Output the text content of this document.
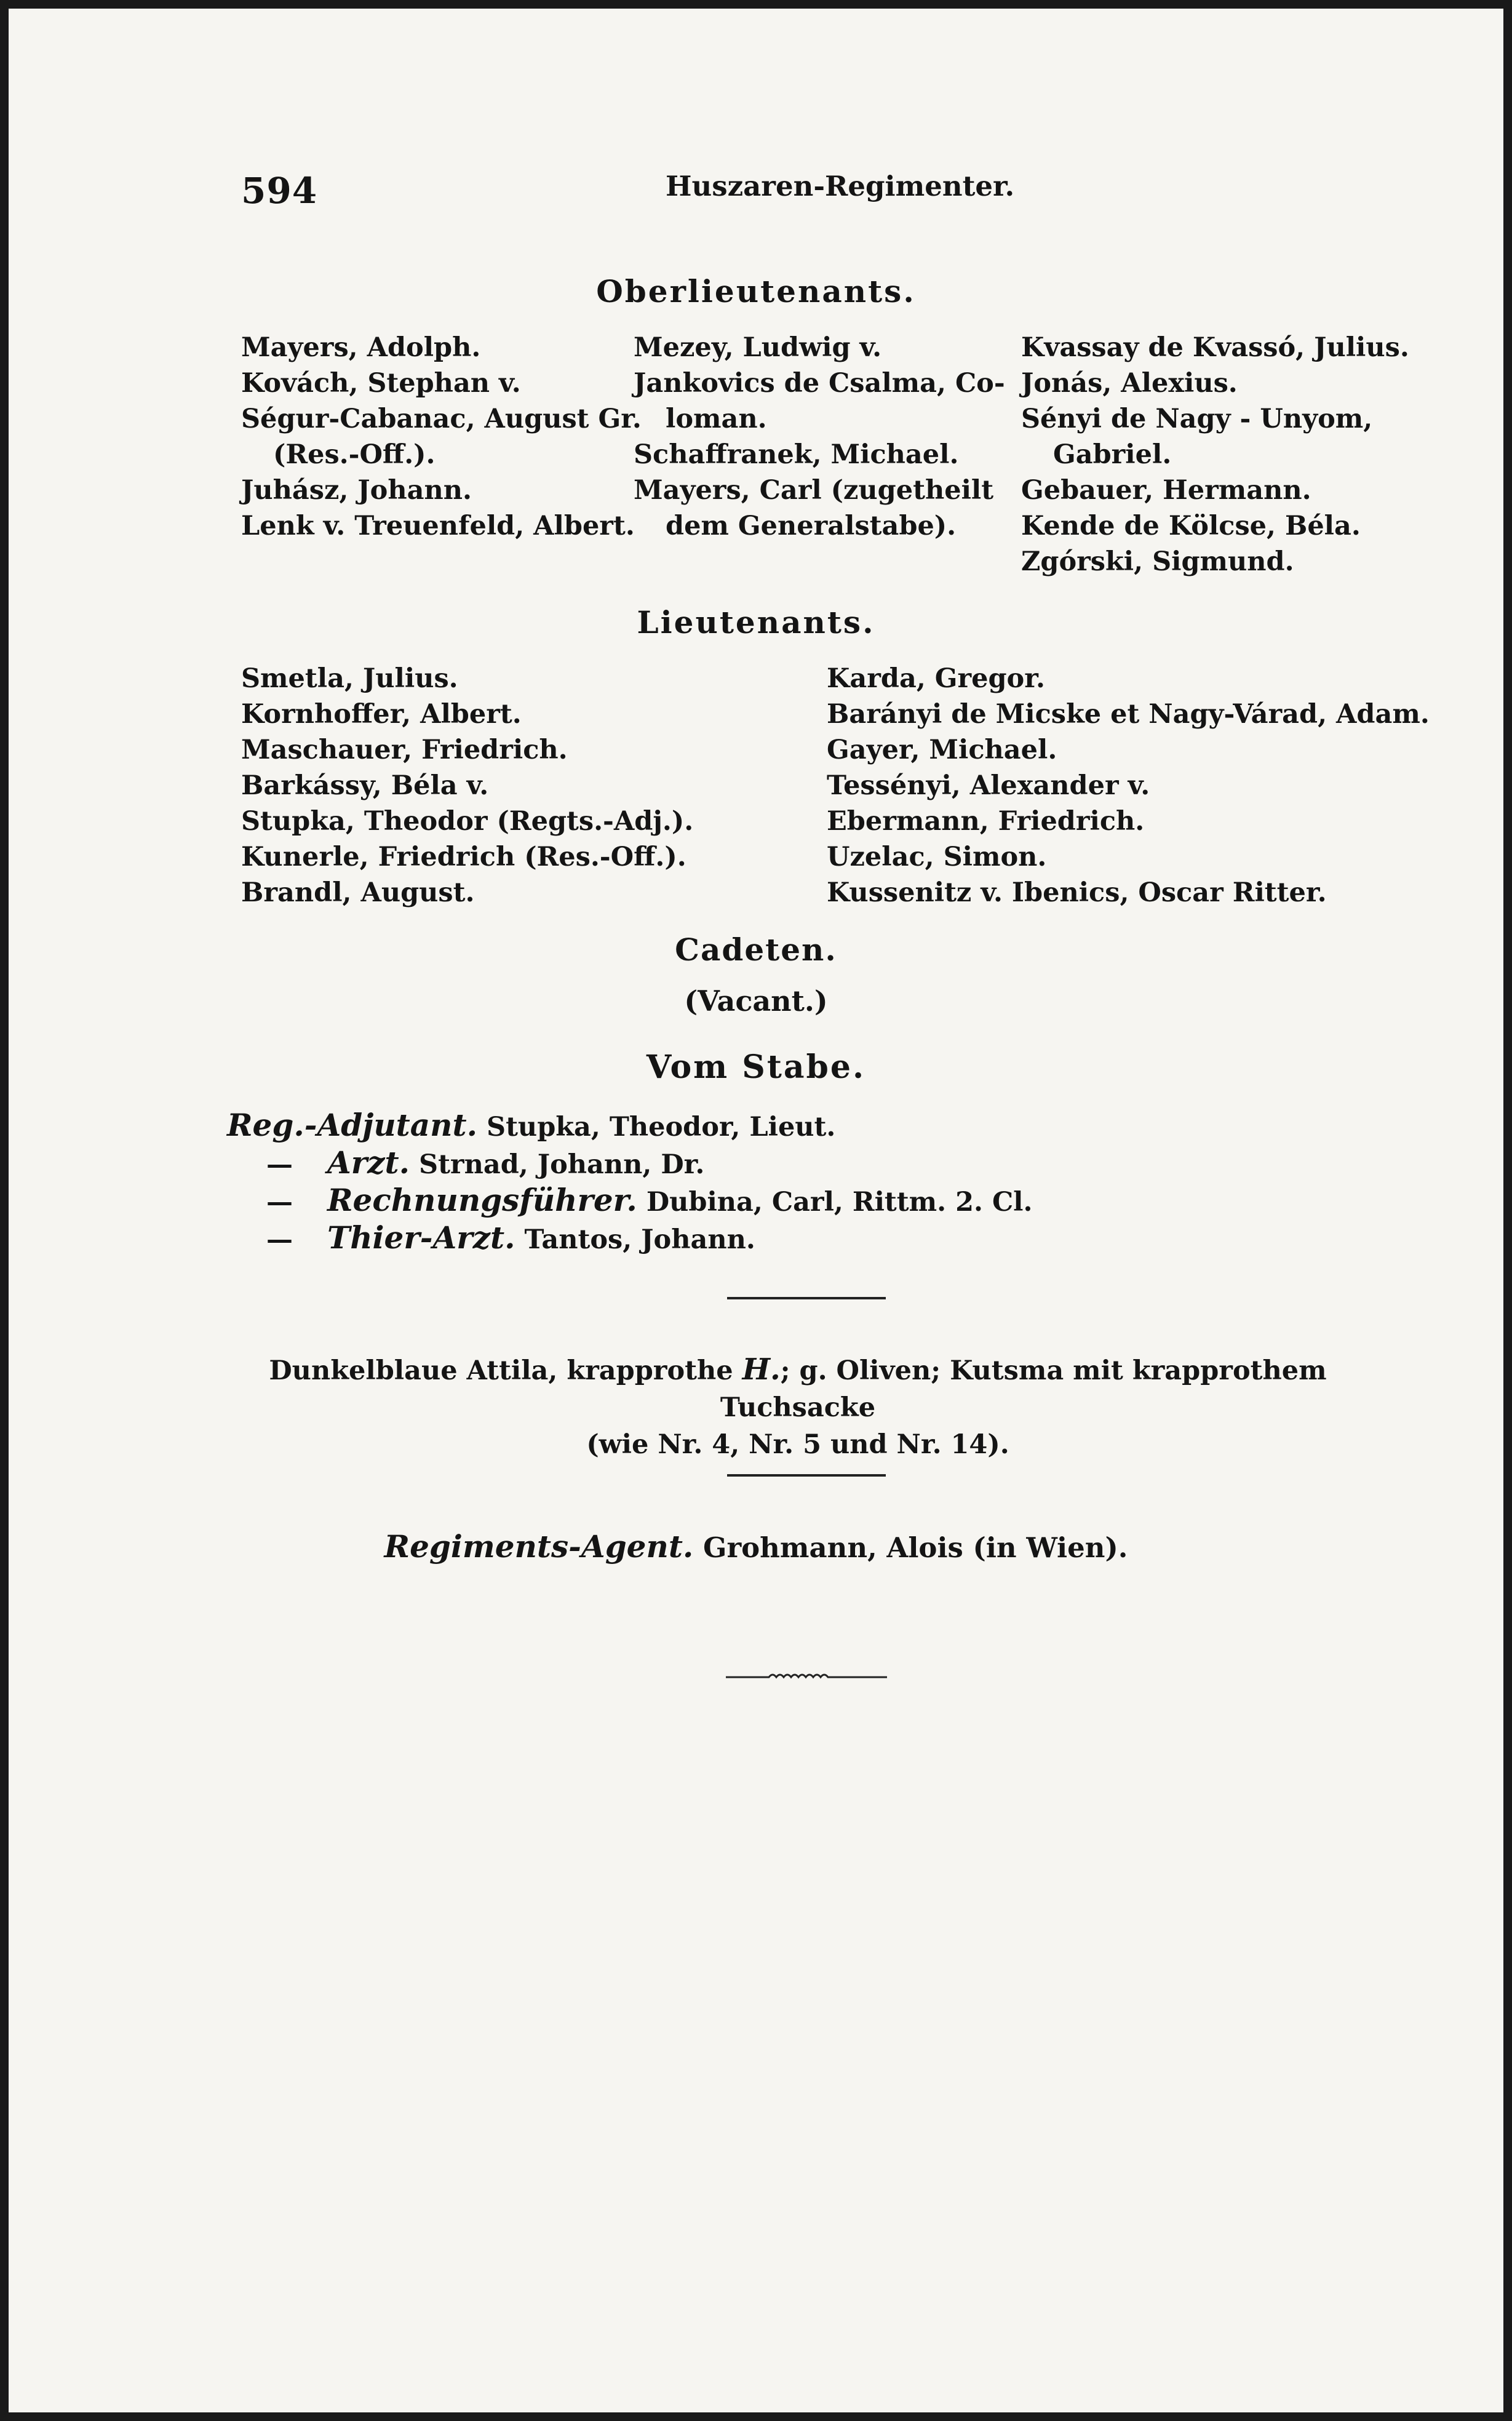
594	Huszaren-Regimenter.
Oberlieutenants.
Mayers, Adolph.
Kovách, Stephan v.
Ségur-Cabanac, August Gr.
(Res.-Off.).
Juhász, Johann.
Lenk v. Treuenfeld, Albert.
Mezey, Ludwig v.
Jankovics de Csalma, Co-
loman.
Schaffranek, Michael.
Mayers, Carl (zugetheilt
dem Generalstabe).
Kvassay de Kvassó, Julius.
Jonás, Alexius.
Sényi de Nagy - Unyom,
Gabriel.
Gebauer, Hermann.
Kende de Kölcse, Béla.
Zgórski, Sigmund.
Lieutenants.
Smetla, Julius.
Kornhoffer, Albert.
Maschauer, Friedrich.
Barkássy, Béla v.
Stupka, Theodor (Regts.-Adj.).
Kunerle, Friedrich (Res.-Off.).
Brandl, August.
Karda, Gregor.
Barányi de Micske et Nagy-Várad, Adam.
Gayer, Michael.
Tessényi, Alexander v.
Ebermann, Friedrich.
Uzelac, Simon.
Kussenitz v. Ibenics, Oscar Ritter.
Cadeten.
(Vacant.)
Vom Stabe.
Reg.-Adjutant. Stupka, Theodor, Lieut.
— Arzt. Strnad, Johann, Dr.
— Rechnungsführer. Dubina, Carl, Rittm. 2. Cl.
— Thier-Arzt. Tantos, Johann.
Dunkelblaue Attila, krapprothe H.; g. Oliven; Kutsma mit krapprothem Tuchsacke
(wie Nr. 4, Nr. 5 und Nr. 14).
Regiments-Agent. Grohmann, Alois (in Wien).
